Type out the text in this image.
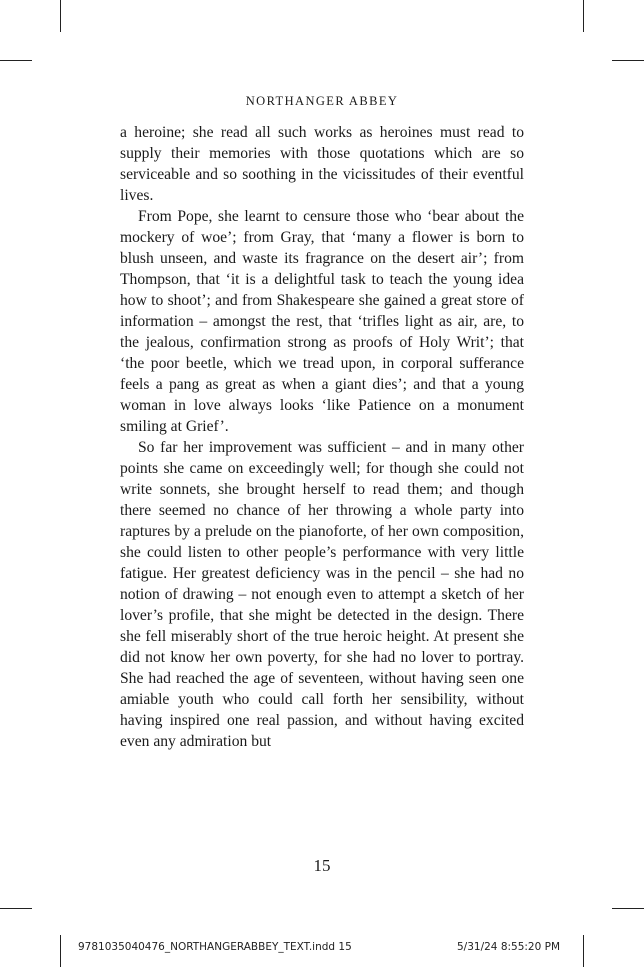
NORTHANGER ABBEY

a heroine; she read all such works as heroines must read to supply their memories with those quotations which are so serviceable and so soothing in the vicissitudes of their eventful lives.

From Pope, she learnt to censure those who ‘bear about the mockery of woe’; from Gray, that ‘many a flower is born to blush unseen, and waste its fragrance on the desert air’; from Thompson, that ‘it is a delightful task to teach the young idea how to shoot’; and from Shakespeare she gained a great store of information – amongst the rest, that ‘trifles light as air, are, to the jealous, confirmation strong as proofs of Holy Writ’; that ‘the poor beetle, which we tread upon, in corporal sufferance feels a pang as great as when a giant dies’; and that a young woman in love always looks ‘like Patience on a monument smiling at Grief’.

So far her improvement was sufficient – and in many other points she came on exceedingly well; for though she could not write sonnets, she brought herself to read them; and though there seemed no chance of her throwing a whole party into raptures by a prelude on the pianoforte, of her own composition, she could listen to other people’s performance with very little fatigue. Her greatest deficiency was in the pencil – she had no notion of drawing – not enough even to attempt a sketch of her lover’s profile, that she might be detected in the design. There she fell miserably short of the true heroic height. At present she did not know her own poverty, for she had no lover to portray. She had reached the age of seventeen, without having seen one amiable youth who could call forth her sensibility, without having inspired one real passion, and without having excited even any admiration but

15
9781035040476_NORTHANGERABBEY_TEXT.indd 15	5/31/24 8:55:20 PM
